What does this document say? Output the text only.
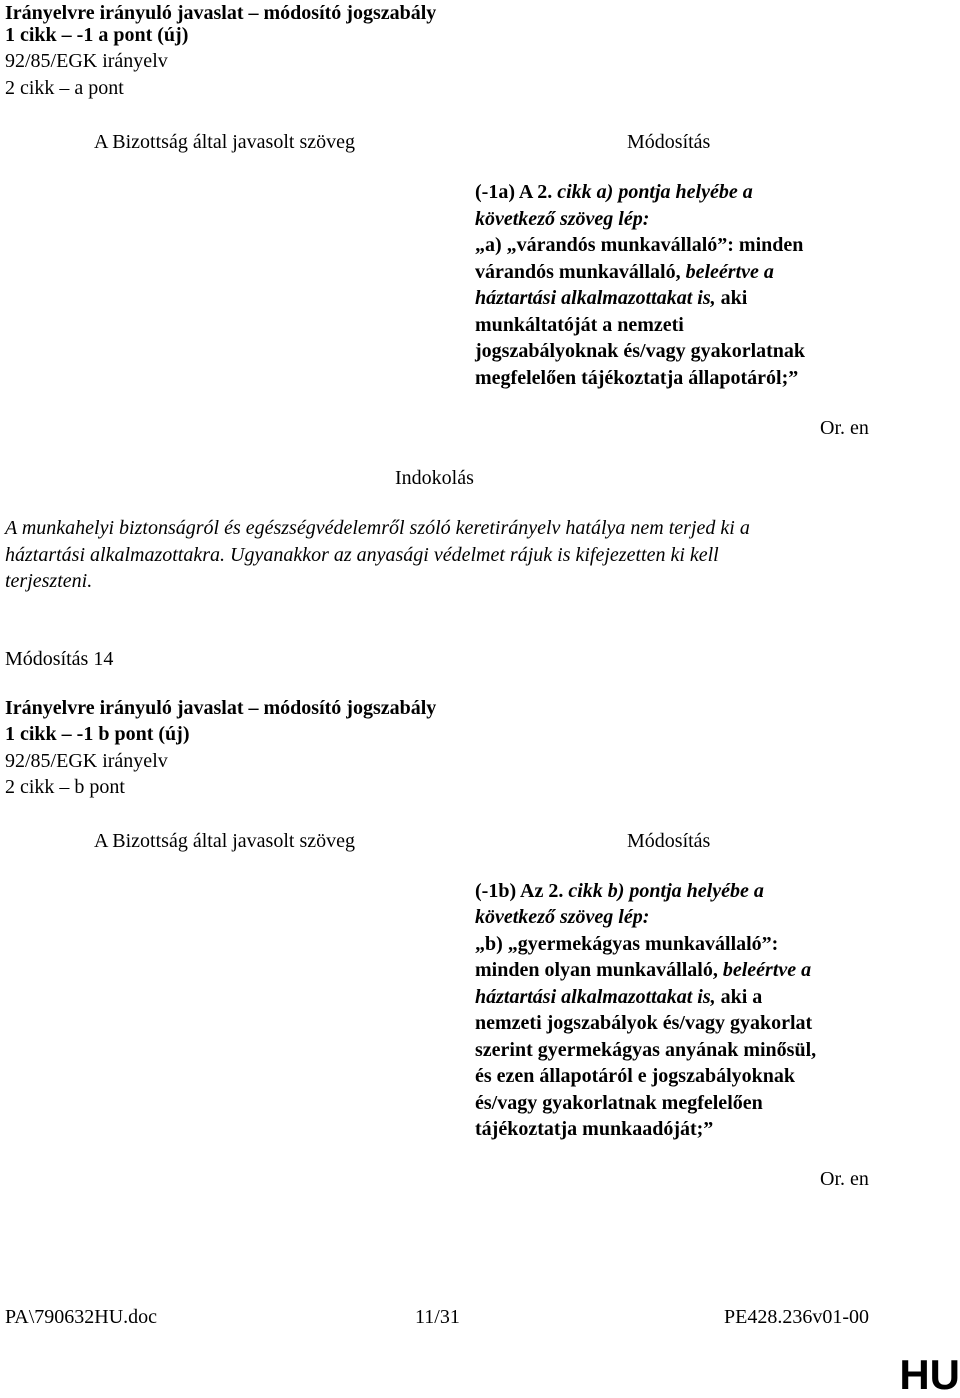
Irányelvre irányuló javaslat – módosító jogszabály
1 cikk – -1 a pont (új)
92/85/EGK irányelv
2 cikk – a pont
A Bizottság által javasolt szöveg	Módosítás
(-1a) A 2. cikk a) pontja helyébe a
következő szöveg lép:
„a) „várandós munkavállaló”: minden
várandós munkavállaló, beleértve a
háztartási alkalmazottakat is, aki
munkáltatóját a nemzeti
jogszabályoknak és/vagy gyakorlatnak
megfelelően tájékoztatja állapotáról;”
Or. en
Indokolás
A munkahelyi biztonságról és egészségvédelemről szóló keretirányelv hatálya nem terjed ki a
háztartási alkalmazottakra. Ugyanakkor az anyasági védelmet rájuk is kifejezetten ki kell
terjeszteni.
Módosítás 14
Irányelvre irányuló javaslat – módosító jogszabály
1 cikk – -1 b pont (új)
92/85/EGK irányelv
2 cikk – b pont
A Bizottság által javasolt szöveg	Módosítás
(-1b) Az 2. cikk b) pontja helyébe a
következő szöveg lép:
„b) „gyermekágyas munkavállaló”:
minden olyan munkavállaló, beleértve a
háztartási alkalmazottakat is, aki a
nemzeti jogszabályok és/vagy gyakorlat
szerint gyermekágyas anyának minősül,
és ezen állapotáról e jogszabályoknak
és/vagy gyakorlatnak megfelelően
tájékoztatja munkaadóját;”
Or. en
PA\790632HU.doc	11/31	PE428.236v01-00
HU
